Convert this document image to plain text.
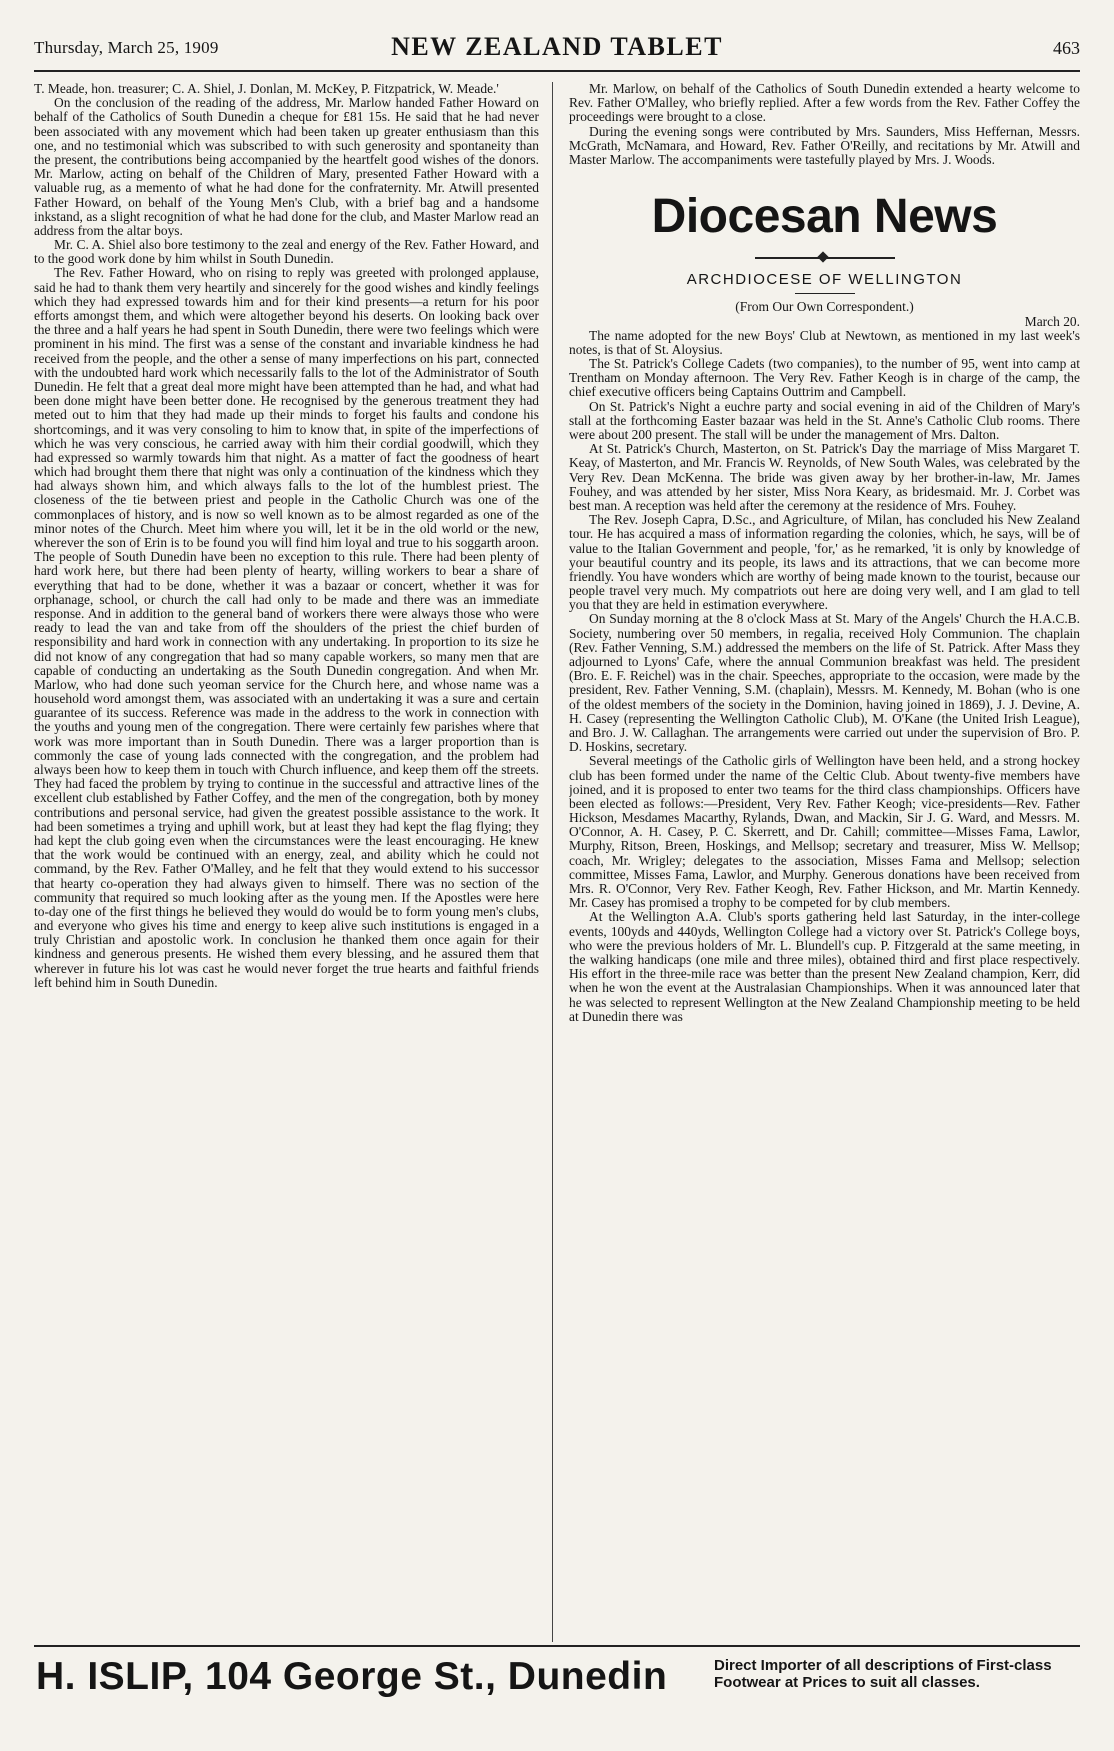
Thursday, March 25, 1909	NEW ZEALAND TABLET	463

T. Meade, hon. treasurer; C. A. Shiel, J. Donlan, M. McKey, P. Fitzpatrick, W. Meade.'

On the conclusion of the reading of the address, Mr. Marlow handed Father Howard on behalf of the Catholics of South Dunedin a cheque for £81 15s. He said that he had never been associated with any movement which had been taken up greater enthusiasm than this one, and no testimonial which was subscribed to with such generosity and spontaneity than the present, the contributions being accompanied by the heartfelt good wishes of the donors. Mr. Marlow, acting on behalf of the Children of Mary, presented Father Howard with a valuable rug, as a memento of what he had done for the confraternity. Mr. Atwill presented Father Howard, on behalf of the Young Men's Club, with a brief bag and a handsome inkstand, as a slight recognition of what he had done for the club, and Master Marlow read an address from the altar boys.

Mr. C. A. Shiel also bore testimony to the zeal and energy of the Rev. Father Howard, and to the good work done by him whilst in South Dunedin.

The Rev. Father Howard, who on rising to reply was greeted with prolonged applause, said he had to thank them very heartily and sincerely for the good wishes and kindly feelings which they had expressed towards him and for their kind presents—a return for his poor efforts amongst them, and which were altogether beyond his deserts. On looking back over the three and a half years he had spent in South Dunedin, there were two feelings which were prominent in his mind. The first was a sense of the constant and invariable kindness he had received from the people, and the other a sense of many imperfections on his part, connected with the undoubted hard work which necessarily falls to the lot of the Administrator of South Dunedin. He felt that a great deal more might have been attempted than he had, and what had been done might have been better done. He recognised by the generous treatment they had meted out to him that they had made up their minds to forget his faults and condone his shortcomings, and it was very consoling to him to know that, in spite of the imperfections of which he was very conscious, he carried away with him their cordial goodwill, which they had expressed so warmly towards him that night. As a matter of fact the goodness of heart which had brought them there that night was only a continuation of the kindness which they had always shown him, and which always falls to the lot of the humblest priest. The closeness of the tie between priest and people in the Catholic Church was one of the commonplaces of history, and is now so well known as to be almost regarded as one of the minor notes of the Church. Meet him where you will, let it be in the old world or the new, wherever the son of Erin is to be found you will find him loyal and true to his soggarth aroon. The people of South Dunedin have been no exception to this rule. There had been plenty of hard work here, but there had been plenty of hearty, willing workers to bear a share of everything that had to be done, whether it was a bazaar or concert, whether it was for orphanage, school, or church the call had only to be made and there was an immediate response. And in addition to the general band of workers there were always those who were ready to lead the van and take from off the shoulders of the priest the chief burden of responsibility and hard work in connection with any undertaking. In proportion to its size he did not know of any congregation that had so many capable workers, so many men that are capable of conducting an undertaking as the South Dunedin congregation. And when Mr. Marlow, who had done such yeoman service for the Church here, and whose name was a household word amongst them, was associated with an undertaking it was a sure and certain guarantee of its success. Reference was made in the address to the work in connection with the youths and young men of the congregation. There were certainly few parishes where that work was more important than in South Dunedin. There was a larger proportion than is commonly the case of young lads connected with the congregation, and the problem had always been how to keep them in touch with Church influence, and keep them off the streets. They had faced the problem by trying to continue in the successful and attractive lines of the excellent club established by Father Coffey, and the men of the congregation, both by money contributions and personal service, had given the greatest possible assistance to the work. It had been sometimes a trying and uphill work, but at least they had kept the flag flying; they had kept the club going even when the circumstances were the least encouraging. He knew that the work would be continued with an energy, zeal, and ability which he could not command, by the Rev. Father O'Malley, and he felt that they would extend to his successor that hearty co-operation they had always given to himself. There was no section of the community that required so much looking after as the young men. If the Apostles were here to-day one of the first things he believed they would do would be to form young men's clubs, and everyone who gives his time and energy to keep alive such institutions is engaged in a truly Christian and apostolic work. In conclusion he thanked them once again for their kindness and generous presents. He wished them every blessing, and he assured them that wherever in future his lot was cast he would never forget the true hearts and faithful friends left behind him in South Dunedin.

Mr. Marlow, on behalf of the Catholics of South Dunedin extended a hearty welcome to Rev. Father O'Malley, who briefly replied. After a few words from the Rev. Father Coffey the proceedings were brought to a close.

During the evening songs were contributed by Mrs. Saunders, Miss Heffernan, Messrs. McGrath, McNamara, and Howard, Rev. Father O'Reilly, and recitations by Mr. Atwill and Master Marlow. The accompaniments were tastefully played by Mrs. J. Woods.

Diocesan News
ARCHDIOCESE OF WELLINGTON

(From Our Own Correspondent.)

March 20.

The name adopted for the new Boys' Club at Newtown, as mentioned in my last week's notes, is that of St. Aloysius.

The St. Patrick's College Cadets (two companies), to the number of 95, went into camp at Trentham on Monday afternoon. The Very Rev. Father Keogh is in charge of the camp, the chief executive officers being Captains Outtrim and Campbell.

On St. Patrick's Night a euchre party and social evening in aid of the Children of Mary's stall at the forthcoming Easter bazaar was held in the St. Anne's Catholic Club rooms. There were about 200 present. The stall will be under the management of Mrs. Dalton.

At St. Patrick's Church, Masterton, on St. Patrick's Day the marriage of Miss Margaret T. Keay, of Masterton, and Mr. Francis W. Reynolds, of New South Wales, was celebrated by the Very Rev. Dean McKenna. The bride was given away by her brother-in-law, Mr. James Fouhey, and was attended by her sister, Miss Nora Keary, as bridesmaid. Mr. J. Corbet was best man. A reception was held after the ceremony at the residence of Mrs. Fouhey.

The Rev. Joseph Capra, D.Sc., and Agriculture, of Milan, has concluded his New Zealand tour. He has acquired a mass of information regarding the colonies, which, he says, will be of value to the Italian Government and people, 'for,' as he remarked, 'it is only by knowledge of your beautiful country and its people, its laws and its attractions, that we can become more friendly. You have wonders which are worthy of being made known to the tourist, because our people travel very much. My compatriots out here are doing very well, and I am glad to tell you that they are held in estimation everywhere.

On Sunday morning at the 8 o'clock Mass at St. Mary of the Angels' Church the H.A.C.B. Society, numbering over 50 members, in regalia, received Holy Communion. The chaplain (Rev. Father Venning, S.M.) addressed the members on the life of St. Patrick. After Mass they adjourned to Lyons' Cafe, where the annual Communion breakfast was held. The president (Bro. E. F. Reichel) was in the chair. Speeches, appropriate to the occasion, were made by the president, Rev. Father Venning, S.M. (chaplain), Messrs. M. Kennedy, M. Bohan (who is one of the oldest members of the society in the Dominion, having joined in 1869), J. J. Devine, A. H. Casey (representing the Wellington Catholic Club), M. O'Kane (the United Irish League), and Bro. J. W. Callaghan. The arrangements were carried out under the supervision of Bro. P. D. Hoskins, secretary.

Several meetings of the Catholic girls of Wellington have been held, and a strong hockey club has been formed under the name of the Celtic Club. About twenty-five members have joined, and it is proposed to enter two teams for the third class championships. Officers have been elected as follows:—President, Very Rev. Father Keogh; vice-presidents—Rev. Father Hickson, Mesdames Macarthy, Rylands, Dwan, and Mackin, Sir J. G. Ward, and Messrs. M. O'Connor, A. H. Casey, P. C. Skerrett, and Dr. Cahill; committee—Misses Fama, Lawlor, Murphy, Ritson, Breen, Hoskings, and Mellsop; secretary and treasurer, Miss W. Mellsop; coach, Mr. Wrigley; delegates to the association, Misses Fama and Mellsop; selection committee, Misses Fama, Lawlor, and Murphy. Generous donations have been received from Mrs. R. O'Connor, Very Rev. Father Keogh, Rev. Father Hickson, and Mr. Martin Kennedy. Mr. Casey has promised a trophy to be competed for by club members.

At the Wellington A.A. Club's sports gathering held last Saturday, in the inter-college events, 100yds and 440yds, Wellington College had a victory over St. Patrick's College boys, who were the previous holders of Mr. L. Blundell's cup. P. Fitzgerald at the same meeting, in the walking handicaps (one mile and three miles), obtained third and first place respectively. His effort in the three-mile race was better than the present New Zealand champion, Kerr, did when he won the event at the Australasian Championships. When it was announced later that he was selected to represent Wellington at the New Zealand Championship meeting to be held at Dunedin there was

H. ISLIP, 104 George St., Dunedin	Direct Importer of all descriptions of First-class
Footwear at Prices to suit all classes.
